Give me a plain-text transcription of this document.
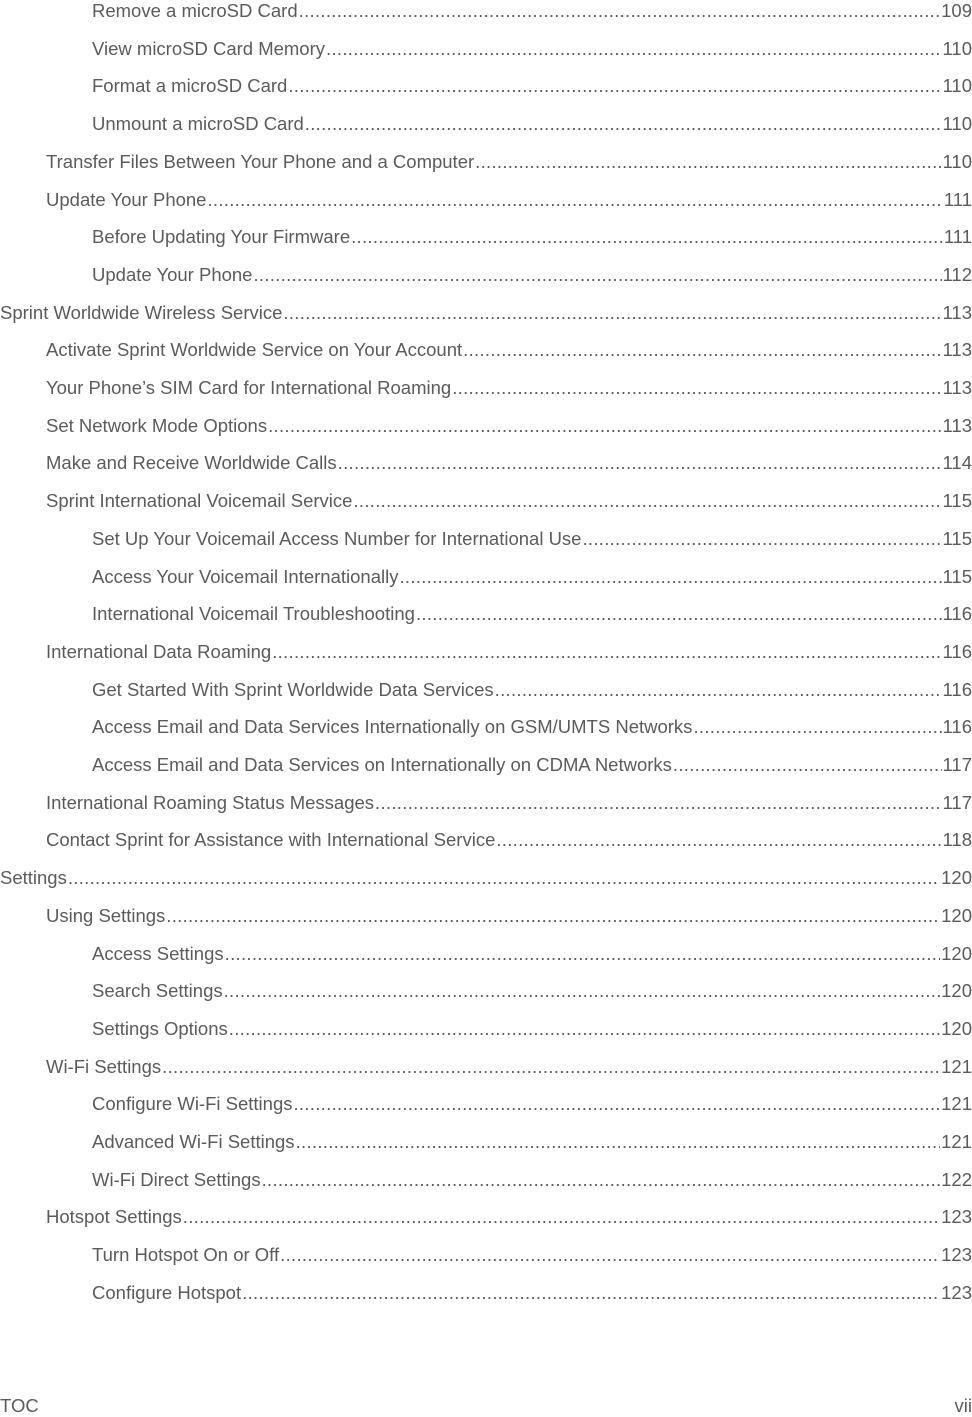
Remove a microSD Card .....	109
View microSD Card Memory .....	110
Format a microSD Card .....	110
Unmount a microSD Card .....	110
Transfer Files Between Your Phone and a Computer .....	110
Update Your Phone .....	111
Before Updating Your Firmware .....	111
Update Your Phone .....	112
Sprint Worldwide Wireless Service .....	113
Activate Sprint Worldwide Service on Your Account .....	113
Your Phone’s SIM Card for International Roaming .....	113
Set Network Mode Options .....	113
Make and Receive Worldwide Calls .....	114
Sprint International Voicemail Service .....	115
Set Up Your Voicemail Access Number for International Use .....	115
Access Your Voicemail Internationally .....	115
International Voicemail Troubleshooting .....	116
International Data Roaming .....	116
Get Started With Sprint Worldwide Data Services .....	116
Access Email and Data Services Internationally on GSM/UMTS Networks .....	116
Access Email and Data Services on Internationally on CDMA Networks .....	117
International Roaming Status Messages .....	117
Contact Sprint for Assistance with International Service .....	118
Settings .....	120
Using Settings .....	120
Access Settings .....	120
Search Settings .....	120
Settings Options .....	120
Wi-Fi Settings .....	121
Configure Wi-Fi Settings .....	121
Advanced Wi-Fi Settings .....	121
Wi-Fi Direct Settings .....	122
Hotspot Settings .....	123
Turn Hotspot On or Off .....	123
Configure Hotspot .....	123
TOC	vii
